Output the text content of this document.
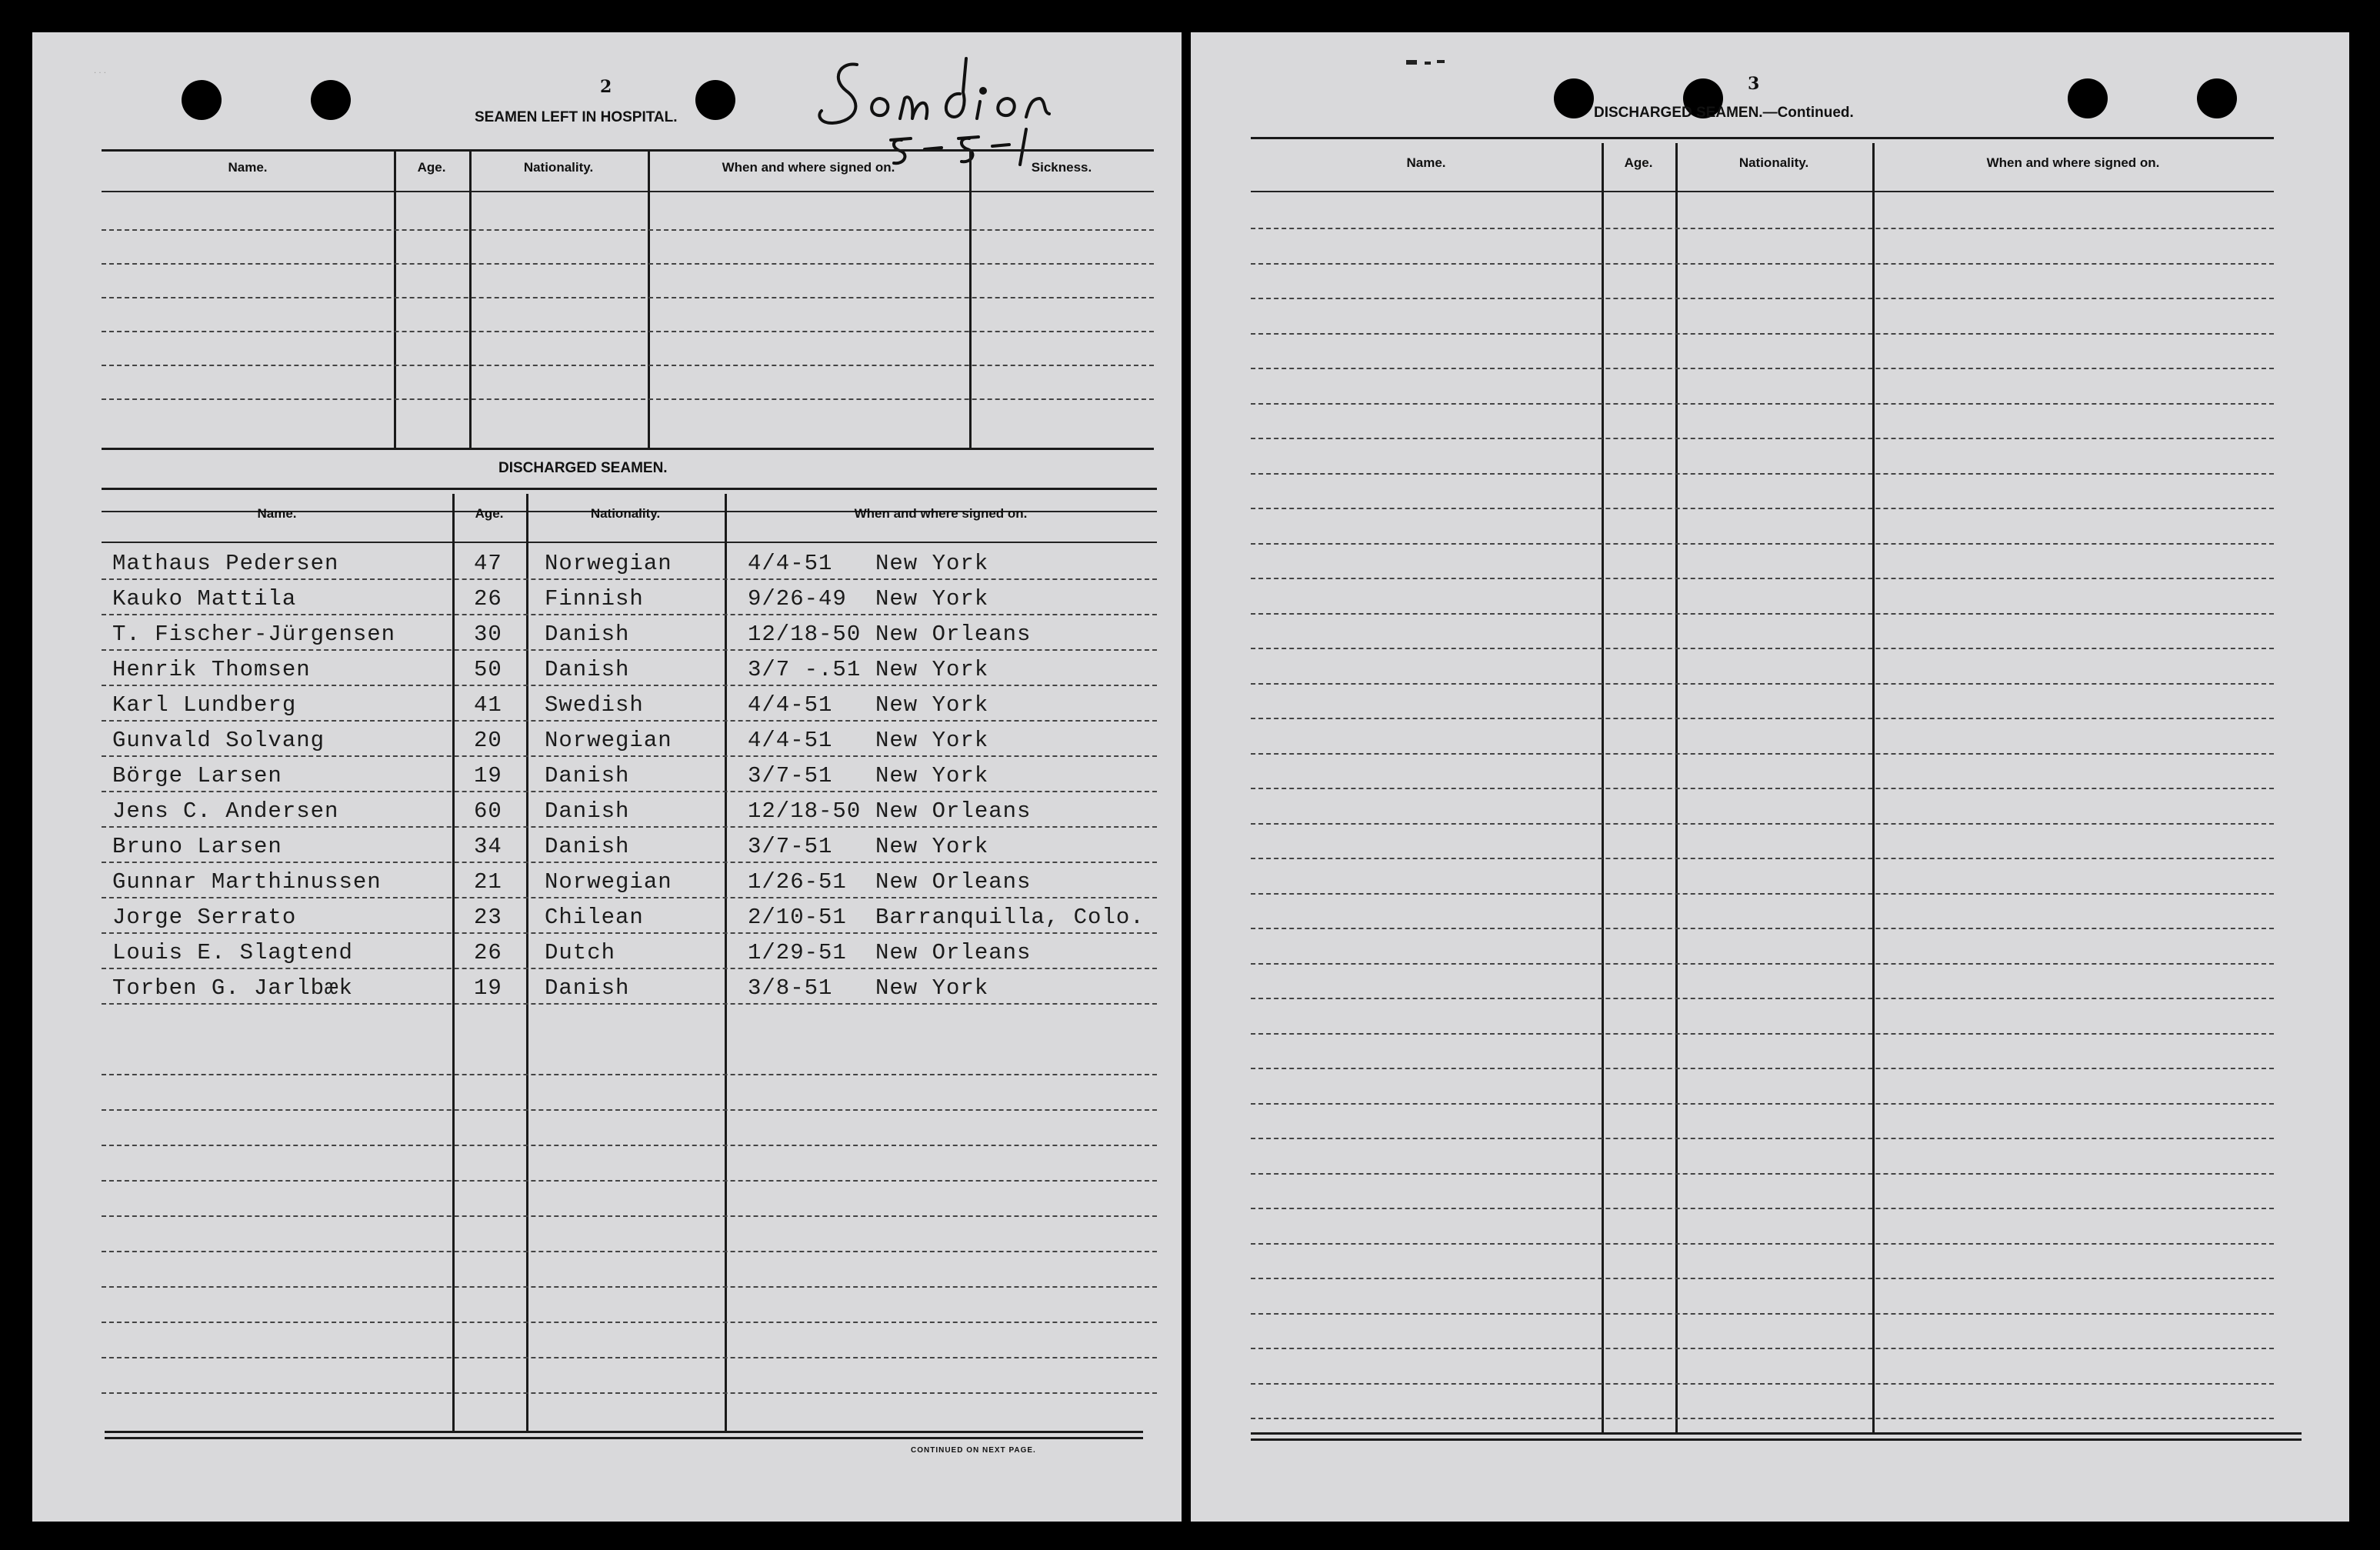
· · ·
2
SEAMEN LEFT IN HOSPITAL.
Name.	Age.	Nationality.	When and where signed on.	Sickness.
DISCHARGED SEAMEN.
Name.	Age.	Nationality.	When and where signed on.
Mathaus Pedersen	47 Norwegian	4/4-51 New York
Kauko Mattila	26 Finnish	9/26-49 New York
T. Fischer-Jürgensen	30 Danish	12/18-50 New Orleans
Henrik Thomsen	50 Danish	3/7 -.51 New York
Karl Lundberg	41 Swedish	4/4-51 New York
Gunvald Solvang	20 Norwegian	4/4-51 New York
Börge Larsen	19 Danish	3/7-51 New York
Jens C. Andersen	60 Danish	12/18-50 New Orleans
Bruno Larsen	34 Danish	3/7-51 New York
Gunnar Marthinussen	21 Norwegian	1/26-51 New Orleans
Jorge Serrato	23 Chilean	2/10-51 Barranquilla, Colo.
Louis E. Slagtend	26 Dutch	1/29-51 New Orleans
Torben G. Jarlbæk	19 Danish	3/8-51 New York
CONTINUED ON NEXT PAGE.
3
DISCHARGED SEAMEN.—Continued.
Name.	Age.	Nationality.	When and where signed on.
